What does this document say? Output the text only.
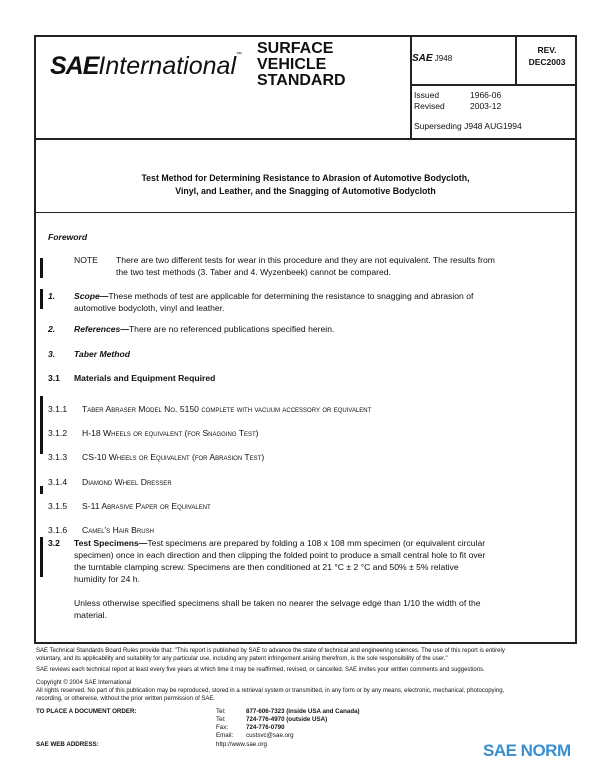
SAEInternational™ SURFACE
VEHICLE
STANDARD
SAE J948
REV.
DEC2003
Issued	1966-06
Revised	2003-12
Superseding J948 AUG1994
Test Method for Determining Resistance to Abrasion of Automotive Bodycloth,
Vinyl, and Leather, and the Snagging of Automotive Bodycloth
Foreword
NOTE There are two different tests for wear in this procedure and they are not equivalent. The results from
the two test methods (3. Taber and 4. Wyzenbeek) cannot be compared.
1. Scope—These methods of test are applicable for determining the resistance to snagging and abrasion of
automotive bodycloth, vinyl and leather.
2. References—There are no referenced publications specified herein.
3. Taber Method
3.1 Materials and Equipment Required
3.1.1 Taber Abraser Model No. 5150 complete with vacuum accessory or equivalent
3.1.2 H-18 Wheels or equivalent (for Snagging Test)
3.1.3 CS-10 Wheels or Equivalent (for Abrasion Test)
3.1.4 Diamond Wheel Dresser
3.1.5 S-11 Abrasive Paper or Equivalent
3.1.6 Camel's Hair Brush
3.2 Test Specimens—Test specimens are prepared by folding a 108 x 108 mm specimen (or equivalent circular
specimen) once in each direction and then clipping the folded point to produce a small central hole to fit over
the turntable clamping screw. Specimens are then conditioned at 21 °C ± 2 °C and 50% ± 5% relative
humidity for 24 h.
Unless otherwise specified specimens shall be taken no nearer the selvage edge than 1/10 the width of the
material.
SAE Technical Standards Board Rules provide that: "This report is published by SAE to advance the state of technical and engineering sciences. The use of this report is entirely
voluntary, and its applicability and suitability for any particular use, including any patent infringement arising therefrom, is the sole responsibility of the user."
SAE reviews each technical report at least every five years at which time it may be reaffirmed, revised, or cancelled. SAE invites your written comments and suggestions.
Copyright © 2004 SAE International
All rights reserved. No part of this publication may be reproduced, stored in a retrieval system or transmitted, in any form or by any means, electronic, mechanical, photocopying,
recording, or otherwise, without the prior written permission of SAE.
TO PLACE A DOCUMENT ORDER:	Tel:	877-606-7323 (inside USA and Canada)
Tel:	724-776-4970 (outside USA)
Fax:	724-776-0790
Email: custsvc@sae.org
SAE WEB ADDRESS:	http://www.sae.org	SAE NORM
